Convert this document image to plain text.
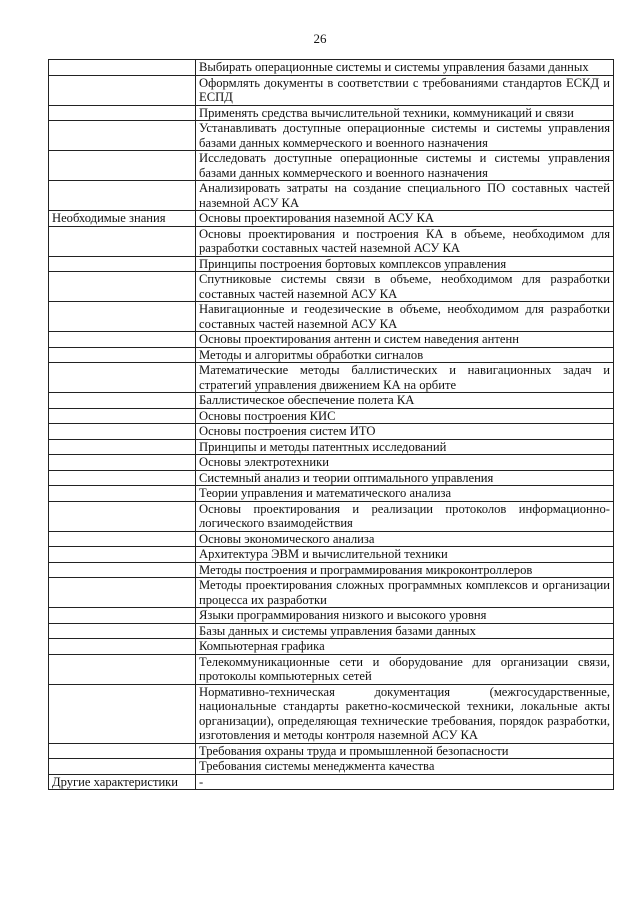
26
	Выбирать операционные системы и системы управления базами данных
	Оформлять документы в соответствии с требованиями стандартов ЕСКД и ЕСПД
	Применять средства вычислительной техники, коммуникаций и связи
	Устанавливать доступные операционные системы и системы управления базами данных коммерческого и военного назначения
	Исследовать доступные операционные системы и системы управления базами данных коммерческого и военного назначения
	Анализировать затраты на создание специального ПО составных частей наземной АСУ КА
Необходимые знания	Основы проектирования наземной АСУ КА
	Основы проектирования и построения КА в объеме, необходимом для разработки составных частей наземной АСУ КА
	Принципы построения бортовых комплексов управления
	Спутниковые системы связи в объеме, необходимом для разработки составных частей наземной АСУ КА
	Навигационные и геодезические в объеме, необходимом для разработки составных частей наземной АСУ КА
	Основы проектирования антенн и систем наведения антенн
	Методы и алгоритмы обработки сигналов
	Математические методы баллистических и навигационных задач и стратегий управления движением КА на орбите
	Баллистическое обеспечение полета КА
	Основы построения КИС
	Основы построения систем ИТО
	Принципы и методы патентных исследований
	Основы электротехники
	Системный анализ и теории оптимального управления
	Теории управления и математического анализа
	Основы проектирования и реализации протоколов информационно-логического взаимодействия
	Основы экономического анализа
	Архитектура ЭВМ и вычислительной техники
	Методы построения и программирования микроконтроллеров
	Методы проектирования сложных программных комплексов и организации процесса их разработки
	Языки программирования низкого и высокого уровня
	Базы данных и системы управления базами данных
	Компьютерная графика
	Телекоммуникационные сети и оборудование для организации связи, протоколы компьютерных сетей
	Нормативно-техническая документация (межгосударственные, национальные стандарты ракетно-космической техники, локальные акты организации), определяющая технические требования, порядок разработки, изготовления и методы контроля наземной АСУ КА
	Требования охраны труда и промышленной безопасности
	Требования системы менеджмента качества
Другие характеристики	-
